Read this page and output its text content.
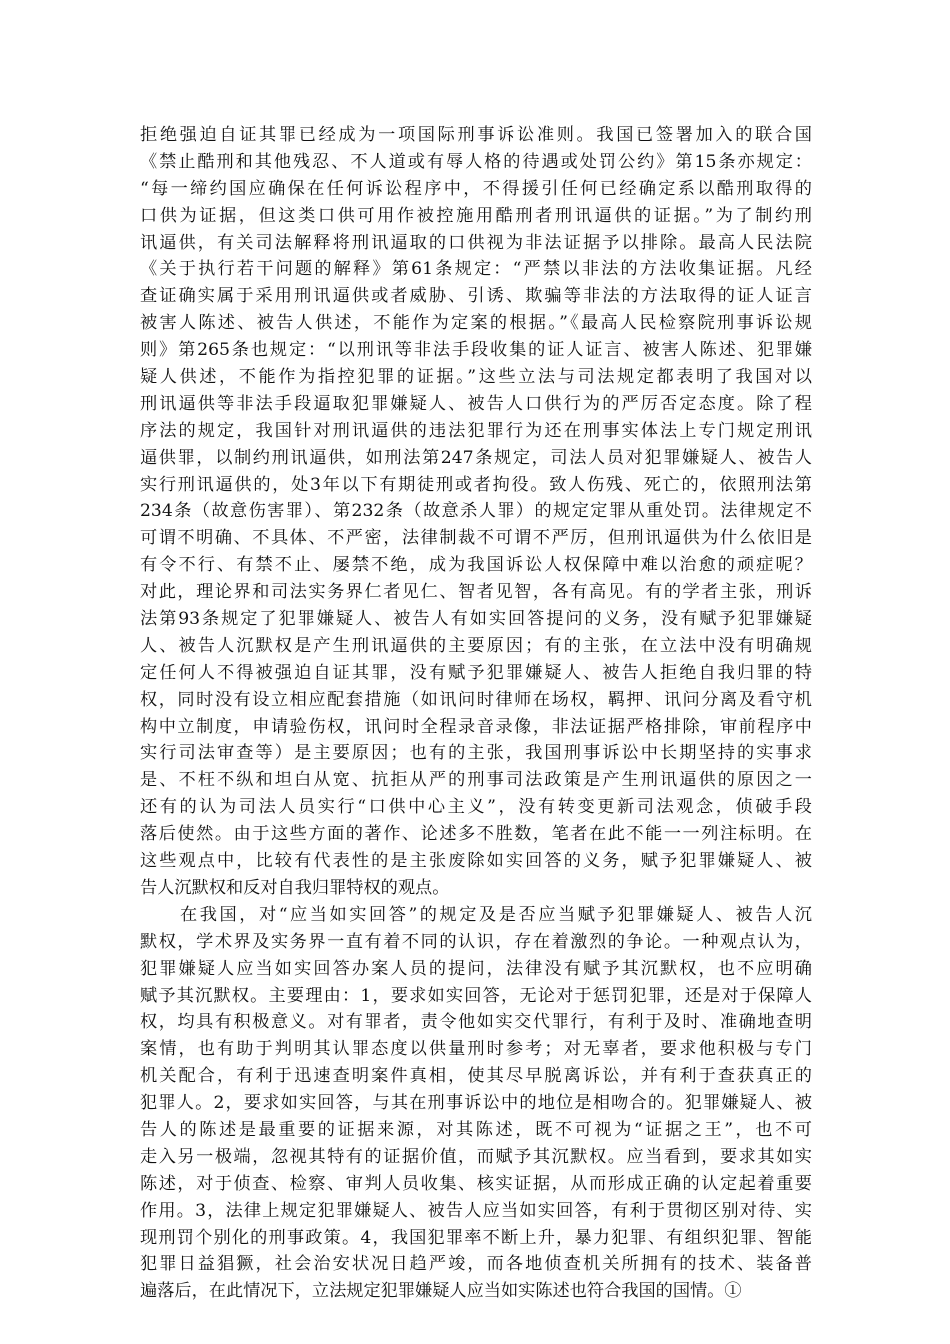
拒绝强迫自证其罪已经成为一项国际刑事诉讼准则。我国已签署加入的联合国
《禁止酷刑和其他残忍、不人道或有辱人格的待遇或处罚公约》第15条亦规定：
“每一缔约国应确保在任何诉讼程序中，不得援引任何已经确定系以酷刑取得的
口供为证据，但这类口供可用作被控施用酷刑者刑讯逼供的证据。”为了制约刑
讯逼供，有关司法解释将刑讯逼取的口供视为非法证据予以排除。最高人民法院
《关于执行若干问题的解释》第61条规定：“严禁以非法的方法收集证据。凡经
查证确实属于采用刑讯逼供或者威胁、引诱、欺骗等非法的方法取得的证人证言
被害人陈述、被告人供述，不能作为定案的根据。”《最高人民检察院刑事诉讼规
则》第265条也规定：“以刑讯等非法手段收集的证人证言、被害人陈述、犯罪嫌
疑人供述，不能作为指控犯罪的证据。”这些立法与司法规定都表明了我国对以
刑讯逼供等非法手段逼取犯罪嫌疑人、被告人口供行为的严厉否定态度。除了程
序法的规定，我国针对刑讯逼供的违法犯罪行为还在刑事实体法上专门规定刑讯
逼供罪，以制约刑讯逼供，如刑法第247条规定，司法人员对犯罪嫌疑人、被告人
实行刑讯逼供的，处3年以下有期徒刑或者拘役。致人伤残、死亡的，依照刑法第
234条（故意伤害罪）、第232条（故意杀人罪）的规定定罪从重处罚。法律规定不
可谓不明确、不具体、不严密，法律制裁不可谓不严厉，但刑讯逼供为什么依旧是
有令不行、有禁不止、屡禁不绝，成为我国诉讼人权保障中难以治愈的顽症呢？
对此，理论界和司法实务界仁者见仁、智者见智，各有高见。有的学者主张，刑诉
法第93条规定了犯罪嫌疑人、被告人有如实回答提问的义务，没有赋予犯罪嫌疑
人、被告人沉默权是产生刑讯逼供的主要原因；有的主张，在立法中没有明确规
定任何人不得被强迫自证其罪，没有赋予犯罪嫌疑人、被告人拒绝自我归罪的特
权，同时没有设立相应配套措施（如讯问时律师在场权，羁押、讯问分离及看守机
构中立制度，申请验伤权，讯问时全程录音录像，非法证据严格排除，审前程序中
实行司法审查等）是主要原因；也有的主张，我国刑事诉讼中长期坚持的实事求
是、不枉不纵和坦白从宽、抗拒从严的刑事司法政策是产生刑讯逼供的原因之一
还有的认为司法人员实行“口供中心主义”，没有转变更新司法观念，侦破手段
落后使然。由于这些方面的著作、论述多不胜数，笔者在此不能一一列注标明。在
这些观点中，比较有代表性的是主张废除如实回答的义务，赋予犯罪嫌疑人、被
告人沉默权和反对自我归罪特权的观点。
在我国，对“应当如实回答”的规定及是否应当赋予犯罪嫌疑人、被告人沉
默权，学术界及实务界一直有着不同的认识，存在着激烈的争论。一种观点认为，
犯罪嫌疑人应当如实回答办案人员的提问，法律没有赋予其沉默权，也不应明确
赋予其沉默权。主要理由：1，要求如实回答，无论对于惩罚犯罪，还是对于保障人
权，均具有积极意义。对有罪者，责令他如实交代罪行，有利于及时、准确地查明
案情，也有助于判明其认罪态度以供量刑时参考；对无辜者，要求他积极与专门
机关配合，有利于迅速查明案件真相，使其尽早脱离诉讼，并有利于查获真正的
犯罪人。2，要求如实回答，与其在刑事诉讼中的地位是相吻合的。犯罪嫌疑人、被
告人的陈述是最重要的证据来源，对其陈述，既不可视为“证据之王”，也不可
走入另一极端，忽视其特有的证据价值，而赋予其沉默权。应当看到，要求其如实
陈述，对于侦查、检察、审判人员收集、核实证据，从而形成正确的认定起着重要
作用。3，法律上规定犯罪嫌疑人、被告人应当如实回答，有利于贯彻区别对待、实
现刑罚个别化的刑事政策。4，我国犯罪率不断上升，暴力犯罪、有组织犯罪、智能
犯罪日益猖獗，社会治安状况日趋严竣，而各地侦查机关所拥有的技术、装备普
遍落后，在此情况下，立法规定犯罪嫌疑人应当如实陈述也符合我国的国情。①
